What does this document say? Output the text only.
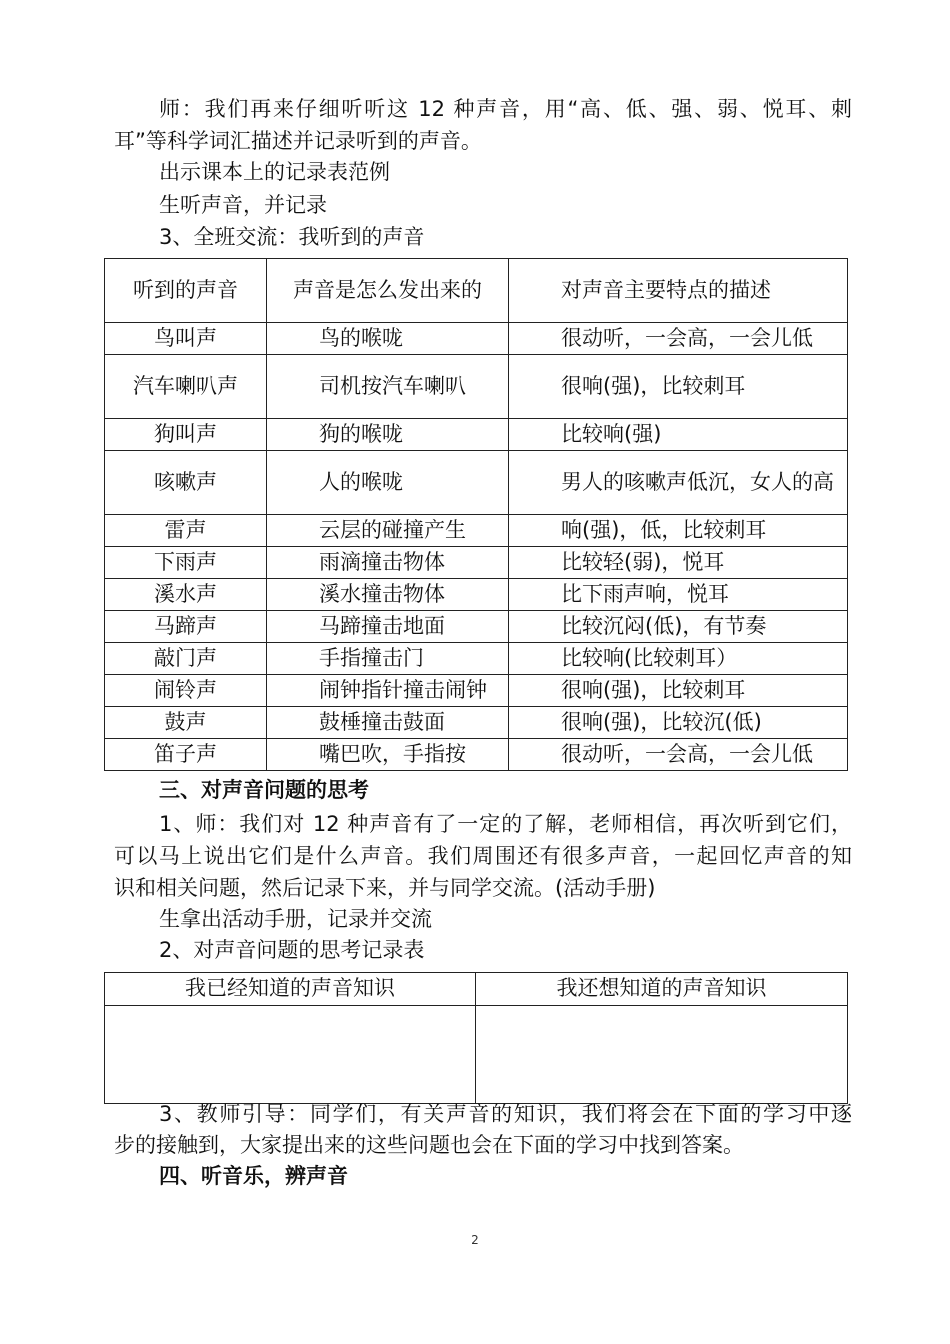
师：我们再来仔细听听这 12 种声音，用“高、低、强、弱、悦耳、刺
耳”等科学词汇描述并记录听到的声音。
出示课本上的记录表范例
生听声音，并记录
3、全班交流：我听到的声音
听到的声音	声音是怎么发出来的	对声音主要特点的描述
鸟叫声	鸟的喉咙	很动听，一会高，一会儿低
汽车喇叭声	司机按汽车喇叭	很响(强)，比较刺耳
狗叫声	狗的喉咙	比较响(强)
咳嗽声	人的喉咙	男人的咳嗽声低沉，女人的高
雷声	云层的碰撞产生	响(强)，低，比较刺耳
下雨声	雨滴撞击物体	比较轻(弱)，悦耳
溪水声	溪水撞击物体	比下雨声响，悦耳
马蹄声	马蹄撞击地面	比较沉闷(低)，有节奏
敲门声	手指撞击门	比较响(比较刺耳）
闹铃声	闹钟指针撞击闹钟	很响(强)，比较刺耳
鼓声	鼓棰撞击鼓面	很响(强)，比较沉(低)
笛子声	嘴巴吹，手指按	很动听，一会高，一会儿低
三、对声音问题的思考
1、师：我们对 12 种声音有了一定的了解，老师相信，再次听到它们，
可以马上说出它们是什么声音。我们周围还有很多声音，一起回忆声音的知
识和相关问题，然后记录下来，并与同学交流。(活动手册)
生拿出活动手册，记录并交流
2、对声音问题的思考记录表
我已经知道的声音知识	我还想知道的声音知识

3、教师引导：同学们，有关声音的知识，我们将会在下面的学习中逐
步的接触到，大家提出来的这些问题也会在下面的学习中找到答案。
四、听音乐，辨声音
2
